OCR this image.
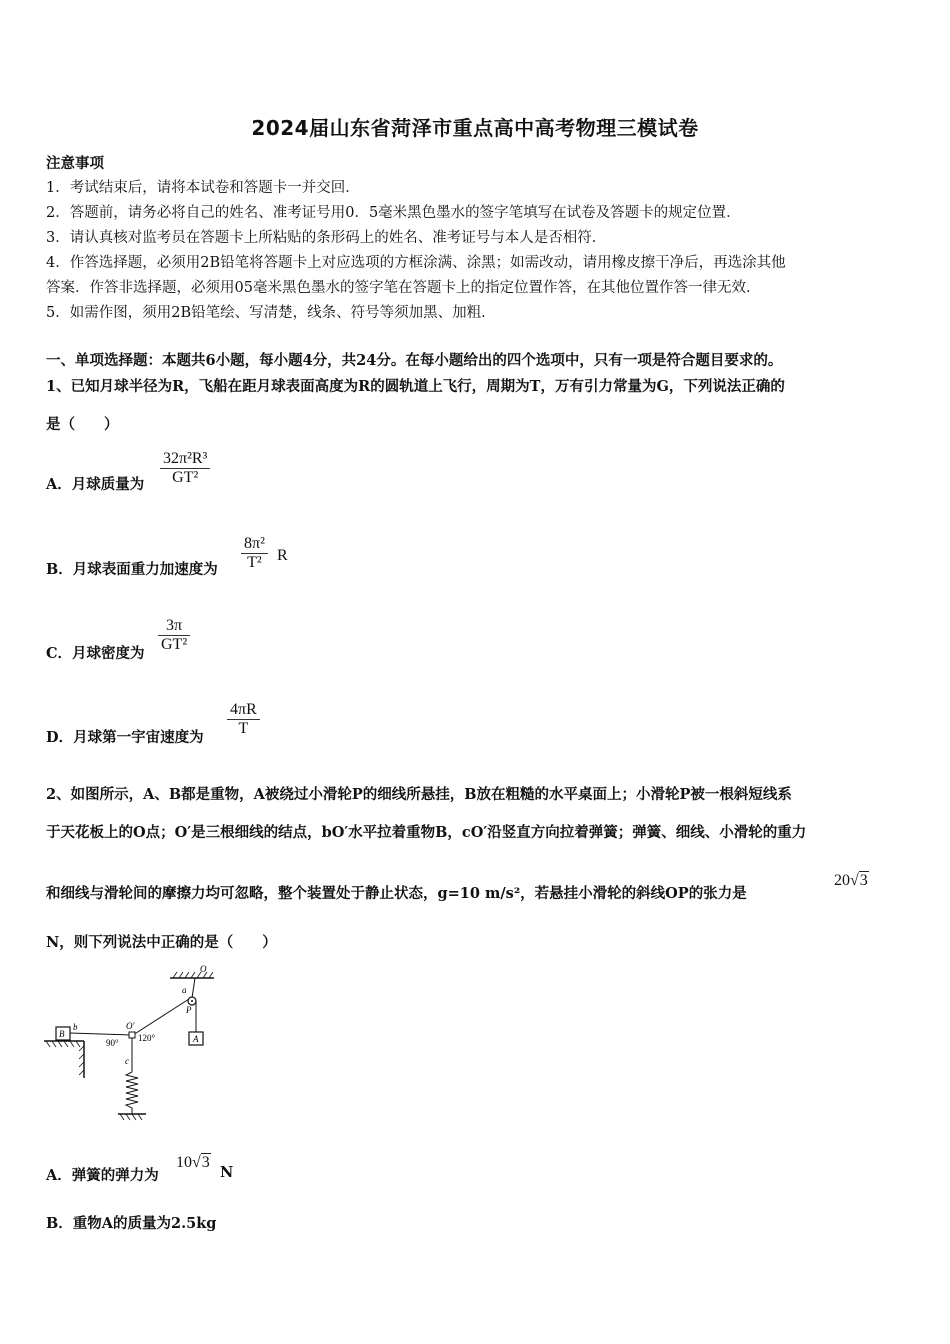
2024届山东省菏泽市重点高中高考物理三模试卷
注意事项
1．考试结束后，请将本试卷和答题卡一并交回．
2．答题前，请务必将自己的姓名、准考证号用0．5毫米黑色墨水的签字笔填写在试卷及答题卡的规定位置．
3．请认真核对监考员在答题卡上所粘贴的条形码上的姓名、准考证号与本人是否相符．
4．作答选择题，必须用2B铅笔将答题卡上对应选项的方框涂满、涂黑；如需改动，请用橡皮擦干净后，再选涂其他
答案．作答非选择题，必须用05毫米黑色墨水的签字笔在答题卡上的指定位置作答，在其他位置作答一律无效．
5．如需作图，须用2B铅笔绘、写清楚，线条、符号等须加黑、加粗．
一、单项选择题：本题共6小题，每小题4分，共24分。在每小题给出的四个选项中，只有一项是符合题目要求的。
1、已知月球半径为R，飞船在距月球表面高度为R的圆轨道上飞行，周期为T，万有引力常量为G，下列说法正确的
是（　　）
A．月球质量为 $\frac{\text{32π²R³}}{\text{GT²}}$
B．月球表面重力加速度为 $\frac{\text{8π²}}{\text{T²}}$ R
C．月球密度为 $\frac{3\pi}{\text{GT²}}$
D．月球第一宇宙速度为 $\frac{4\pi R}{T}$
2、如图所示，A、B都是重物，A被绕过小滑轮P的细线所悬挂，B放在粗糙的水平桌面上；小滑轮P被一根斜短线系
于天花板上的O点；O′是三根细线的结点，bO′水平拉着重物B，cO′沿竖直方向拉着弹簧；弹簧、细线、小滑轮的重力
和细线与滑轮间的摩擦力均可忽略，整个装置处于静止状态，g=10 m/s²，若悬挂小滑轮的斜线OP的张力是
20√3
N，则下列说法中正确的是（　　）
O
a
P
A
B
b	O′
90° 120°
c
A．弹簧的弹力为
10√3
N
B．重物A的质量为2.5kg
